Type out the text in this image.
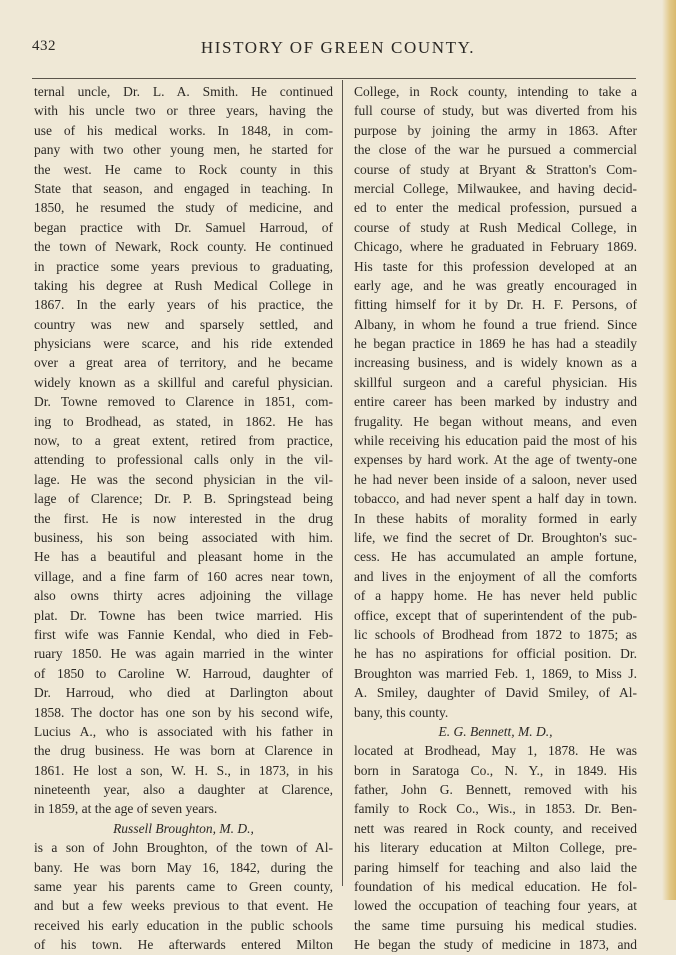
HISTORY OF GREEN COUNTY.
432
ternal uncle, Dr. L. A. Smith. He continued
with his uncle two or three years, having the
use of his medical works. In 1848, in com-
pany with two other young men, he started for
the west. He came to Rock county in this
State that season, and engaged in teaching. In
1850, he resumed the study of medicine, and
began practice with Dr. Samuel Harroud, of
the town of Newark, Rock county. He continued
in practice some years previous to graduating,
taking his degree at Rush Medical College in
1867. In the early years of his practice, the
country was new and sparsely settled, and
physicians were scarce, and his ride extended
over a great area of territory, and he became
widely known as a skillful and careful physician.
Dr. Towne removed to Clarence in 1851, com-
ing to Brodhead, as stated, in 1862. He has
now, to a great extent, retired from practice,
attending to professional calls only in the vil-
lage. He was the second physician in the vil-
lage of Clarence; Dr. P. B. Springstead being
the first. He is now interested in the drug
business, his son being associated with him.
He has a beautiful and pleasant home in the
village, and a fine farm of 160 acres near town,
also owns thirty acres adjoining the village
plat. Dr. Towne has been twice married. His
first wife was Fannie Kendal, who died in Feb-
ruary 1850. He was again married in the winter
of 1850 to Caroline W. Harroud, daughter of
Dr. Harroud, who died at Darlington about
1858. The doctor has one son by his second wife,
Lucius A., who is associated with his father in
the drug business. He was born at Clarence in
1861. He lost a son, W. H. S., in 1873, in his
nineteenth year, also a daughter at Clarence,
in 1859, at the age of seven years.
Russell Broughton, M. D.,
is a son of John Broughton, of the town of Al-
bany. He was born May 16, 1842, during the
same year his parents came to Green county,
and but a few weeks previous to that event. He
received his early education in the public schools
of his town. He afterwards entered Milton
College, in Rock county, intending to take a
full course of study, but was diverted from his
purpose by joining the army in 1863. After
the close of the war he pursued a commercial
course of study at Bryant & Stratton's Com-
mercial College, Milwaukee, and having decid-
ed to enter the medical profession, pursued a
course of study at Rush Medical College, in
Chicago, where he graduated in February 1869.
His taste for this profession developed at an
early age, and he was greatly encouraged in
fitting himself for it by Dr. H. F. Persons, of
Albany, in whom he found a true friend. Since
he began practice in 1869 he has had a steadily
increasing business, and is widely known as a
skillful surgeon and a careful physician. His
entire career has been marked by industry and
frugality. He began without means, and even
while receiving his education paid the most of his
expenses by hard work. At the age of twenty-one
he had never been inside of a saloon, never used
tobacco, and had never spent a half day in town.
In these habits of morality formed in early
life, we find the secret of Dr. Broughton's suc-
cess. He has accumulated an ample fortune,
and lives in the enjoyment of all the comforts
of a happy home. He has never held public
office, except that of superintendent of the pub-
lic schools of Brodhead from 1872 to 1875; as
he has no aspirations for official position. Dr.
Broughton was married Feb. 1, 1869, to Miss J.
A. Smiley, daughter of David Smiley, of Al-
bany, this county.
E. G. Bennett, M. D.,
located at Brodhead, May 1, 1878. He was
born in Saratoga Co., N. Y., in 1849. His
father, John G. Bennett, removed with his
family to Rock Co., Wis., in 1853. Dr. Ben-
nett was reared in Rock county, and received
his literary education at Milton College, pre-
paring himself for teaching and also laid the
foundation of his medical education. He fol-
lowed the occupation of teaching four years, at
the same time pursuing his medical studies.
He began the study of medicine in 1873, and
